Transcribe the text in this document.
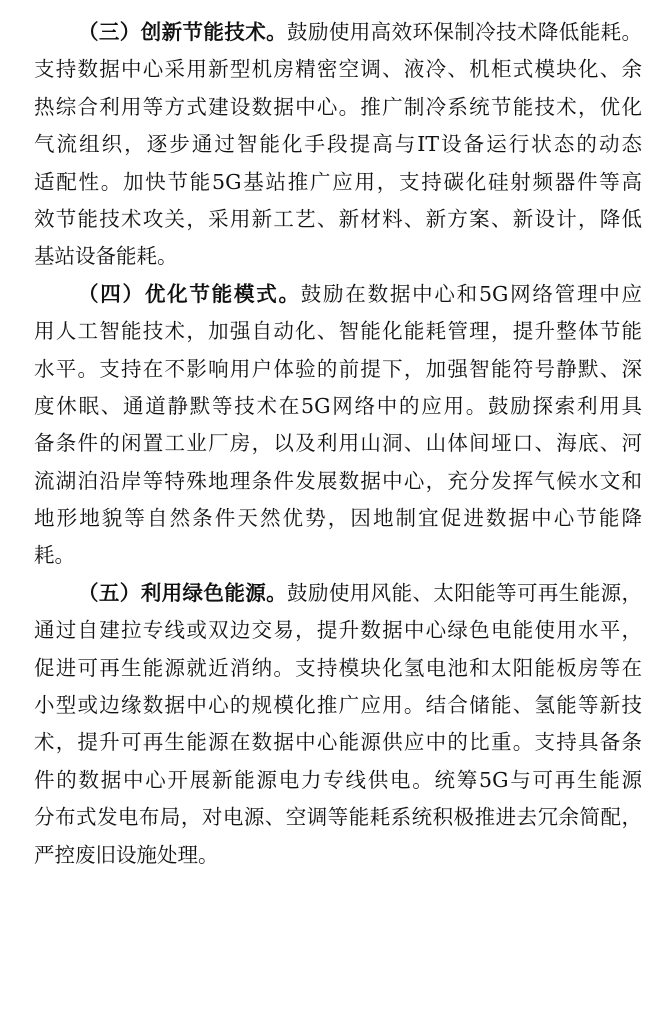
（三）创新节能技术。鼓励使用高效环保制冷技术降低能耗。
支持数据中心采用新型机房精密空调、液冷、机柜式模块化、余
热综合利用等方式建设数据中心。推广制冷系统节能技术，优化
气流组织，逐步通过智能化手段提高与IT设备运行状态的动态
适配性。加快节能5G基站推广应用，支持碳化硅射频器件等高
效节能技术攻关，采用新工艺、新材料、新方案、新设计，降低
基站设备能耗。
（四）优化节能模式。鼓励在数据中心和5G网络管理中应
用人工智能技术，加强自动化、智能化能耗管理，提升整体节能
水平。支持在不影响用户体验的前提下，加强智能符号静默、深
度休眠、通道静默等技术在5G网络中的应用。鼓励探索利用具
备条件的闲置工业厂房，以及利用山洞、山体间垭口、海底、河
流湖泊沿岸等特殊地理条件发展数据中心，充分发挥气候水文和
地形地貌等自然条件天然优势，因地制宜促进数据中心节能降
耗。
（五）利用绿色能源。鼓励使用风能、太阳能等可再生能源，
通过自建拉专线或双边交易，提升数据中心绿色电能使用水平，
促进可再生能源就近消纳。支持模块化氢电池和太阳能板房等在
小型或边缘数据中心的规模化推广应用。结合储能、氢能等新技
术，提升可再生能源在数据中心能源供应中的比重。支持具备条
件的数据中心开展新能源电力专线供电。统筹5G与可再生能源
分布式发电布局，对电源、空调等能耗系统积极推进去冗余简配，
严控废旧设施处理。
